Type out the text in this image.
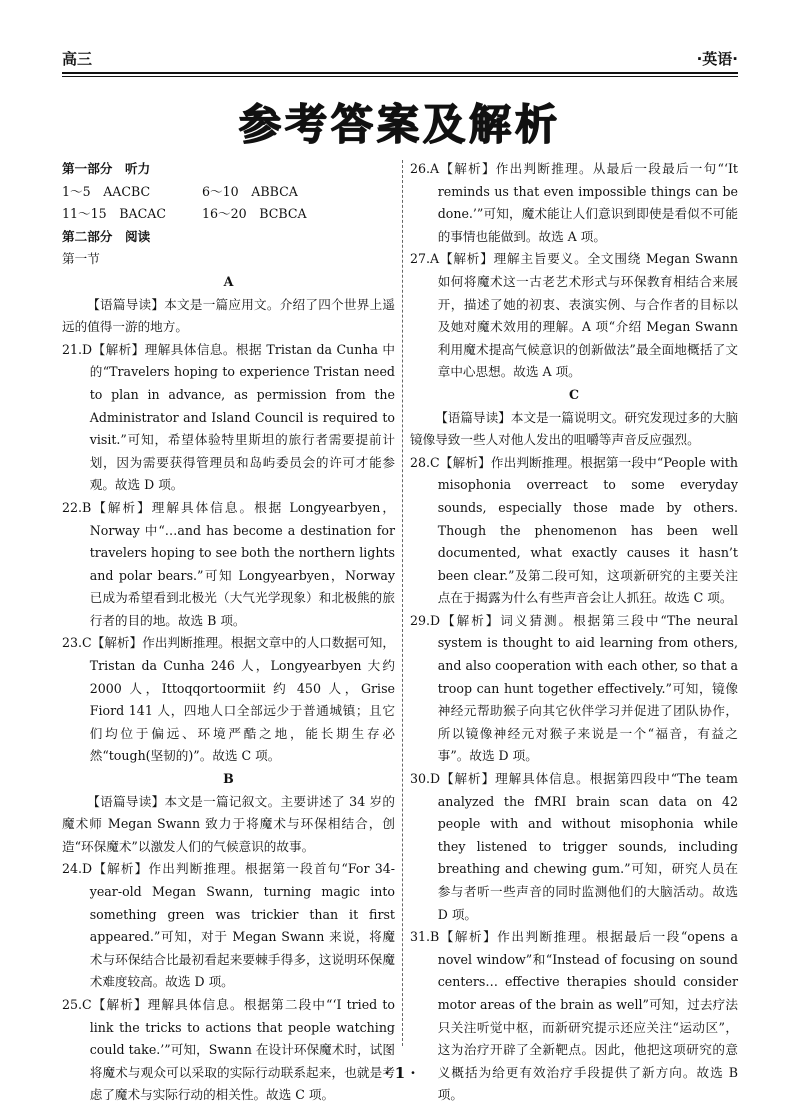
高三	·英语·
参考答案及解析
第一部分　听力
1～5　AACBC	6～10　ABBCA
11～15　BACAC	16～20　BCBCA
第二部分　阅读
第一节
A
【语篇导读】本文是一篇应用文。介绍了四个世界上遥远的值得一游的地方。
21.D【解析】理解具体信息。根据 Tristan da Cunha 中的“Travelers hoping to experience Tristan need to plan in advance, as permission from the Administrator and Island Council is required to visit.”可知，希望体验特里斯坦的旅行者需要提前计划，因为需要获得管理员和岛屿委员会的许可才能参观。故选 D 项。
22.B【解析】理解具体信息。根据 Longyearbyen，Norway 中“…and has become a destination for travelers hoping to see both the northern lights and polar bears.”可知 Longyearbyen，Norway 已成为希望看到北极光（大气光学现象）和北极熊的旅行者的目的地。故选 B 项。
23.C【解析】作出判断推理。根据文章中的人口数据可知，Tristan da Cunha 246 人，Longyearbyen 大约 2000 人，Ittoqqortoormiit 约 450 人，Grise Fiord 141 人，四地人口全部远少于普通城镇；且它们均位于偏远、环境严酷之地，能长期生存必然“tough(坚韧的)”。故选 C 项。
B
【语篇导读】本文是一篇记叙文。主要讲述了 34 岁的魔术师 Megan Swann 致力于将魔术与环保相结合，创造“环保魔术”以激发人们的气候意识的故事。
24.D【解析】作出判断推理。根据第一段首句“For 34-year-old Megan Swann, turning magic into something green was trickier than it first appeared.”可知，对于 Megan Swann 来说，将魔术与环保结合比最初看起来要棘手得多，这说明环保魔术难度较高。故选 D 项。
25.C【解析】理解具体信息。根据第二段中“‘I tried to link the tricks to actions that people watching could take.’”可知，Swann 在设计环保魔术时，试图将魔术与观众可以采取的实际行动联系起来，也就是考虑了魔术与实际行动的相关性。故选 C 项。
26.A【解析】作出判断推理。从最后一段最后一句“‘It reminds us that even impossible things can be done.’”可知，魔术能让人们意识到即使是看似不可能的事情也能做到。故选 A 项。
27.A【解析】理解主旨要义。全文围绕 Megan Swann 如何将魔术这一古老艺术形式与环保教育相结合来展开，描述了她的初衷、表演实例、与合作者的目标以及她对魔术效用的理解。A 项“介绍 Megan Swann 利用魔术提高气候意识的创新做法”最全面地概括了文章中心思想。故选 A 项。
C
【语篇导读】本文是一篇说明文。研究发现过多的大脑镜像导致一些人对他人发出的咀嚼等声音反应强烈。
28.C【解析】作出判断推理。根据第一段中“People with misophonia overreact to some everyday sounds, especially those made by others. Though the phenomenon has been well documented, what exactly causes it hasn’t been clear.”及第二段可知，这项新研究的主要关注点在于揭露为什么有些声音会让人抓狂。故选 C 项。
29.D【解析】词义猜测。根据第三段中“The neural system is thought to aid learning from others, and also cooperation with each other, so that a troop can hunt together effectively.”可知，镜像神经元帮助猴子向其它伙伴学习并促进了团队协作，所以镜像神经元对猴子来说是一个“福音，有益之事”。故选 D 项。
30.D【解析】理解具体信息。根据第四段中“The team analyzed the fMRI brain scan data on 42 people with and without misophonia while they listened to trigger sounds, including breathing and chewing gum.”可知，研究人员在参与者听一些声音的同时监测他们的大脑活动。故选 D 项。
31.B【解析】作出判断推理。根据最后一段“opens a novel window”和“Instead of focusing on sound centers… effective therapies should consider motor areas of the brain as well”可知，过去疗法只关注听觉中枢，而新研究提示还应关注“运动区”，这为治疗开辟了全新靶点。因此，他把这项研究的意义概括为给更有效治疗手段提供了新方向。故选 B 项。
· 1 ·
